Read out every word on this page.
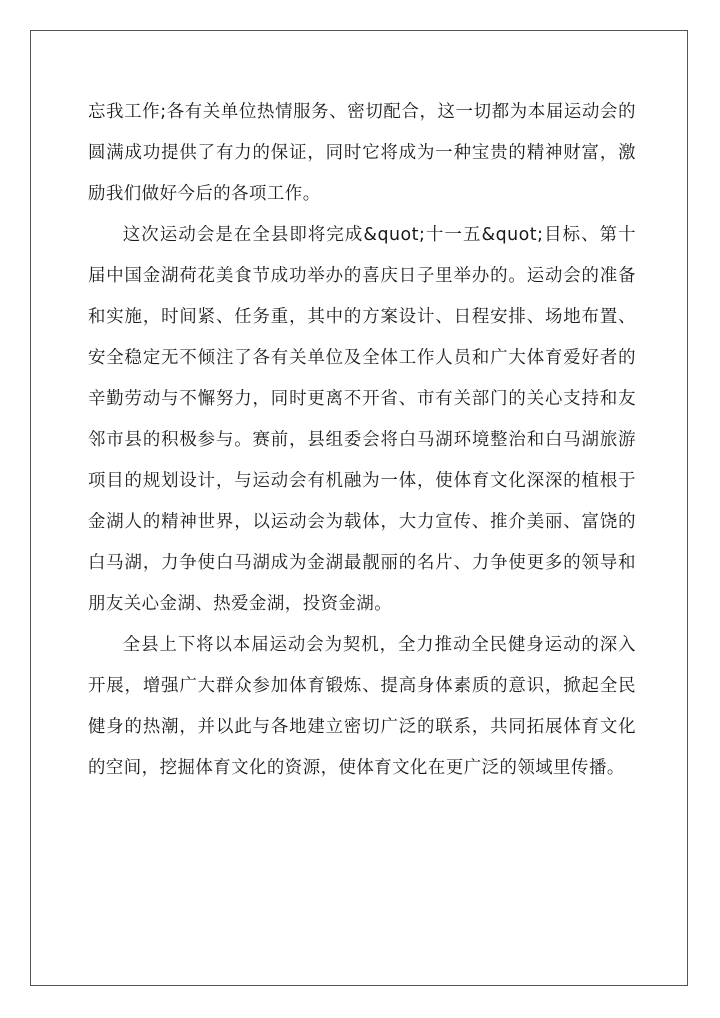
忘我工作;各有关单位热情服务、密切配合，这一切都为本届运动会的圆满成功提供了有力的保证，同时它将成为一种宝贵的精神财富，激励我们做好今后的各项工作。

这次运动会是在全县即将完成&quot;十一五&quot;目标、第十届中国金湖荷花美食节成功举办的喜庆日子里举办的。运动会的准备和实施，时间紧、任务重，其中的方案设计、日程安排、场地布置、安全稳定无不倾注了各有关单位及全体工作人员和广大体育爱好者的辛勤劳动与不懈努力，同时更离不开省、市有关部门的关心支持和友邻市县的积极参与。赛前，县组委会将白马湖环境整治和白马湖旅游项目的规划设计，与运动会有机融为一体，使体育文化深深的植根于金湖人的精神世界，以运动会为载体，大力宣传、推介美丽、富饶的白马湖，力争使白马湖成为金湖最靓丽的名片、力争使更多的领导和朋友关心金湖、热爱金湖，投资金湖。

全县上下将以本届运动会为契机，全力推动全民健身运动的深入开展，增强广大群众参加体育锻炼、提高身体素质的意识，掀起全民健身的热潮，并以此与各地建立密切广泛的联系，共同拓展体育文化的空间，挖掘体育文化的资源，使体育文化在更广泛的领域里传播。
